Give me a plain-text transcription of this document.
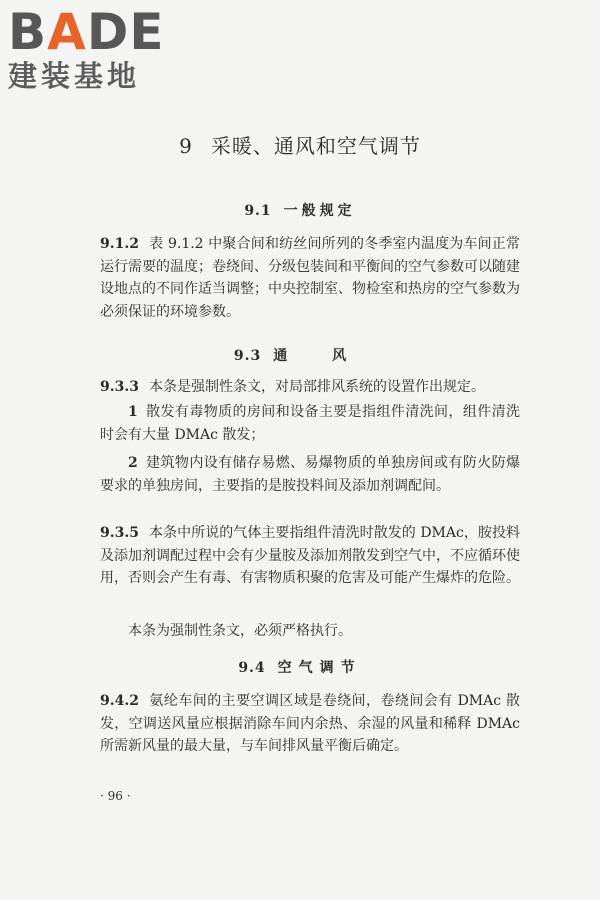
BADE
建装基地
9 采暖、通风和空气调节
9.1 一般规定
9.1.2 表 9.1.2 中聚合间和纺丝间所列的冬季室内温度为车间正常运行需要的温度；卷绕间、分级包装间和平衡间的空气参数可以随建设地点的不同作适当调整；中央控制室、物检室和热房的空气参数为必须保证的环境参数。
9.3 通 风
9.3.3 本条是强制性条文，对局部排风系统的设置作出规定。
1 散发有毒物质的房间和设备主要是指组件清洗间，组件清洗时会有大量 DMAc 散发；
2 建筑物内设有储存易燃、易爆物质的单独房间或有防火防爆要求的单独房间，主要指的是胺投料间及添加剂调配间。
9.3.5 本条中所说的气体主要指组件清洗时散发的 DMAc，胺投料及添加剂调配过程中会有少量胺及添加剂散发到空气中，不应循环使用，否则会产生有毒、有害物质积聚的危害及可能产生爆炸的危险。
本条为强制性条文，必须严格执行。
9.4 空气调节
9.4.2 氨纶车间的主要空调区域是卷绕间，卷绕间会有 DMAc 散发，空调送风量应根据消除车间内余热、余湿的风量和稀释 DMAc 所需新风量的最大量，与车间排风量平衡后确定。
· 96 ·
